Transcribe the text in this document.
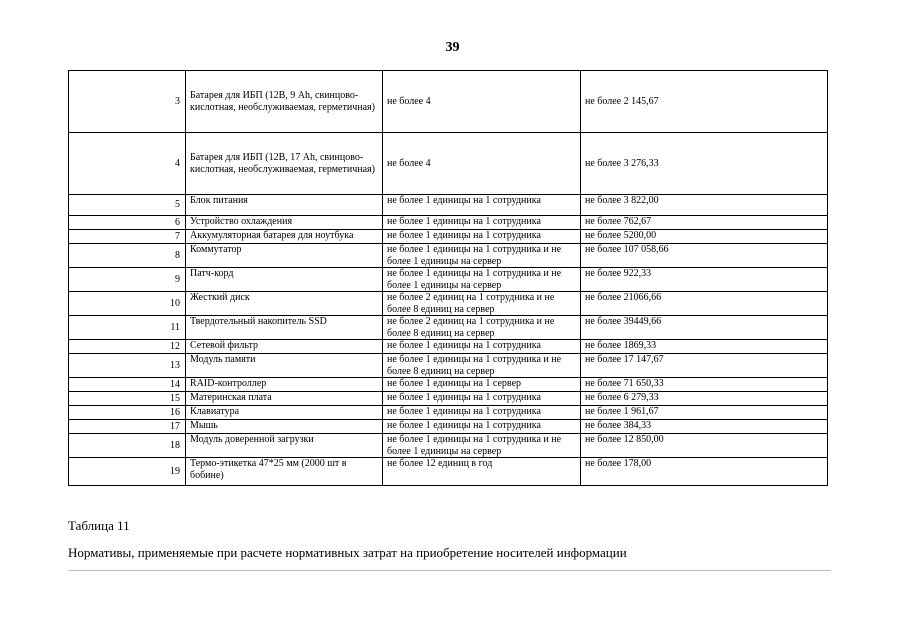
39
3	Батарея для ИБП (12В, 9 Ah, свинцово-кислотная, необслуживаемая, герметичная)	не более 4	не более 2 145,67
4	Батарея для ИБП (12В, 17 Ah, свинцово-кислотная, необслуживаемая, герметичная)	не более 4	не более 3 276,33
5	Блок питания	не более 1 единицы на 1 сотрудника	не более 3 822,00
6	Устройство охлаждения	не более 1 единицы на 1 сотрудника	не более 762,67
7	Аккумуляторная батарея для ноутбука	не более 1 единицы на 1 сотрудника	не более 5200,00
8	Коммутатор	не более 1 единицы на 1 сотрудника и не более 1 единицы на сервер	не более 107 058,66
9	Патч-корд	не более 1 единицы на 1 сотрудника и не более 1 единицы на сервер	не более 922,33
10	Жесткий диск	не более 2 единиц на 1 сотрудника и не более 8 единиц на сервер	не более 21066,66
11	Твердотельный накопитель SSD	не более 2 единиц на 1 сотрудника и не более 8 единиц на сервер	не более 39449,66
12	Сетевой фильтр	не более 1 единицы на 1 сотрудника	не более 1869,33
13	Модуль памяти	не более 1 единицы на 1 сотрудника и не более 8 единиц на сервер	не более 17 147,67
14	RAID-контроллер	не более 1 единицы на 1 сервер	не более 71 650,33
15	Материнская плата	не более 1 единицы на 1 сотрудника	не более 6 279,33
16	Клавиатура	не более 1 единицы на 1 сотрудника	не более 1 961,67
17	Мышь	не более 1 единицы на 1 сотрудника	не более 384,33
18	Модуль доверенной загрузки	не более 1 единицы на 1 сотрудника и не более 1 единицы на сервер	не более 12 850,00
19	Термо-этикетка 47*25 мм (2000 шт в бобине)	не более 12 единиц в год	не более 178,00
Таблица 11
Нормативы, применяемые при расчете нормативных затрат на приобретение носителей информации
